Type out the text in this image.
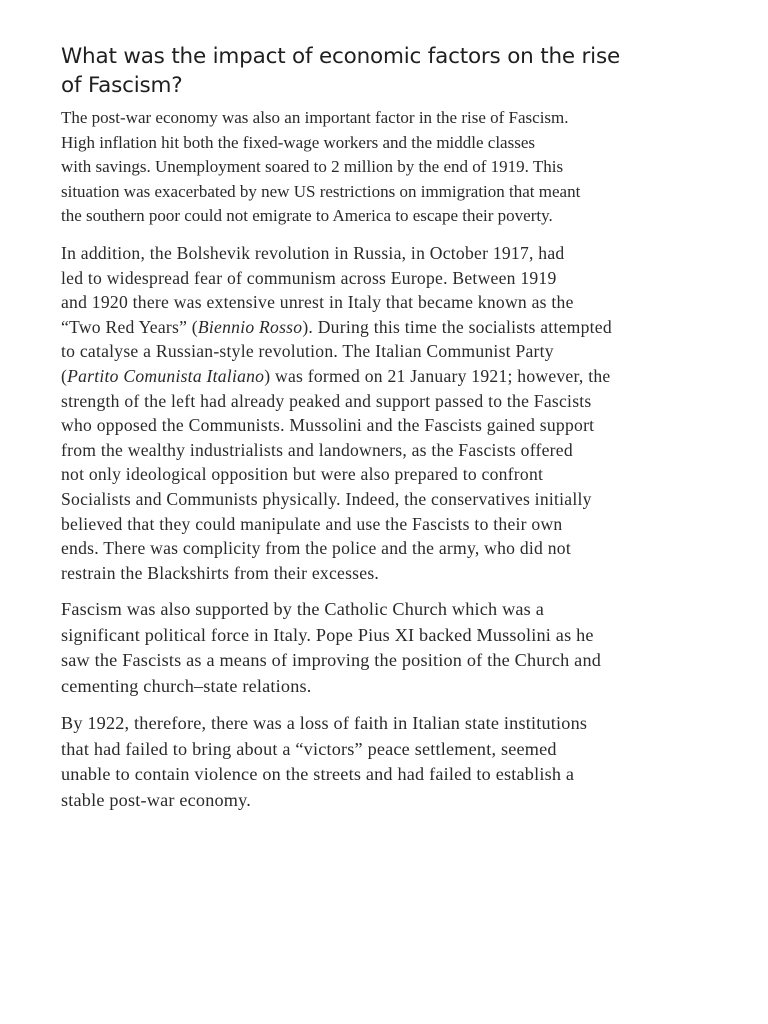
What was the impact of economic factors on the rise
of Fascism?

The post-war economy was also an important factor in the rise of Fascism.
High inflation hit both the fixed-wage workers and the middle classes
with savings. Unemployment soared to 2 million by the end of 1919. This
situation was exacerbated by new US restrictions on immigration that meant
the southern poor could not emigrate to America to escape their poverty.

In addition, the Bolshevik revolution in Russia, in October 1917, had
led to widespread fear of communism across Europe. Between 1919
and 1920 there was extensive unrest in Italy that became known as the
“Two Red Years” (Biennio Rosso). During this time the socialists attempted
to catalyse a Russian-style revolution. The Italian Communist Party
(Partito Comunista Italiano) was formed on 21 January 1921; however, the
strength of the left had already peaked and support passed to the Fascists
who opposed the Communists. Mussolini and the Fascists gained support
from the wealthy industrialists and landowners, as the Fascists offered
not only ideological opposition but were also prepared to confront
Socialists and Communists physically. Indeed, the conservatives initially
believed that they could manipulate and use the Fascists to their own
ends. There was complicity from the police and the army, who did not
restrain the Blackshirts from their excesses.

Fascism was also supported by the Catholic Church which was a
significant political force in Italy. Pope Pius XI backed Mussolini as he
saw the Fascists as a means of improving the position of the Church and
cementing church–state relations.

By 1922, therefore, there was a loss of faith in Italian state institutions
that had failed to bring about a “victors” peace settlement, seemed
unable to contain violence on the streets and had failed to establish a
stable post-war economy.
